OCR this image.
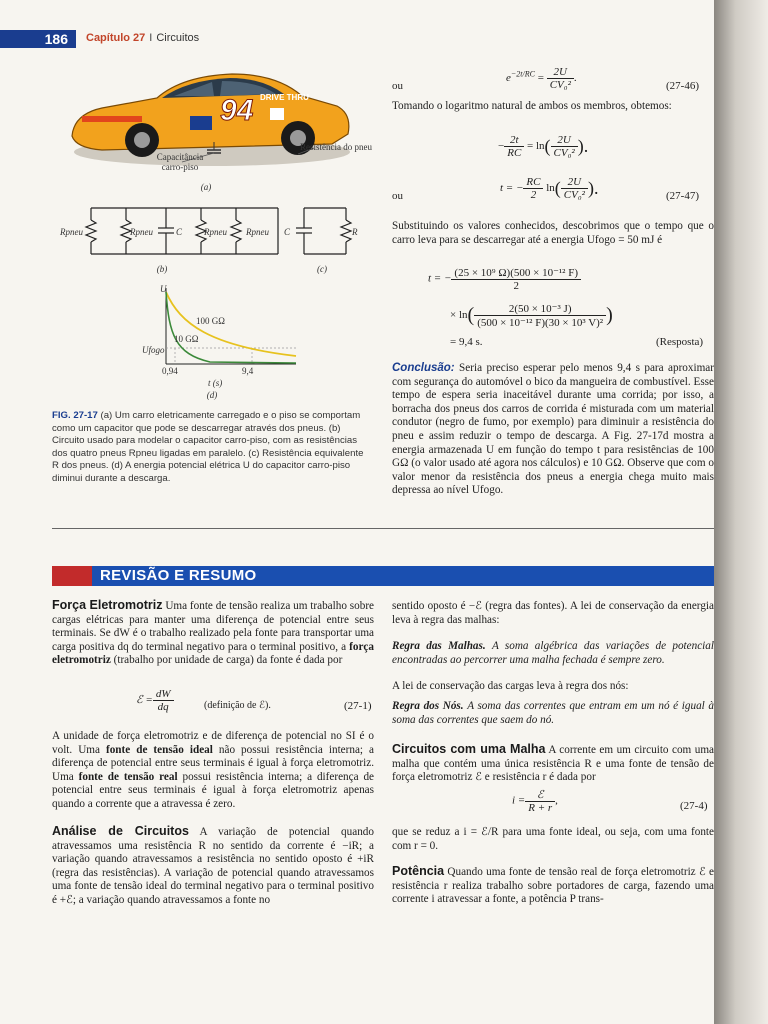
186	Capítulo 27 I Circuitos
94 DRIVE THRU
Capacitância carro-piso
Resistência do pneu
(a)
Rpneu	Rpneu	C Rpneu Rpneu C	R
(b)	(c)
U
100 GΩ
10 GΩ
Ufogo
0,94	9,4
t (s)
(d)
FIG. 27-17 (a) Um carro eletricamente carregado e o piso se comportam como um capacitor que pode se descarregar através dos pneus. (b) Circuito usado para modelar o capacitor carro-piso, com as resistências dos quatro pneus Rpneu ligadas em paralelo. (c) Resistência equivalente R dos pneus. (d) A energia potencial elétrica U do capacitor carro-piso diminui durante a descarga.
ou
$e^{-2t/RC} = \frac{2U}{\text{CV₀²}}$ .
(27-46)
Tomando o logaritmo natural de ambos os membros, obtemos:
− $\frac{2t}{RC} = \ln( \frac{2U}{\text{CV₀²}}$ ).
ou
t = − $\frac{RC}{2} \ln( \frac{2U}{\text{CV₀²}}$ ).	(27-47)
Substituindo os valores conhecidos, descobrimos que o tempo que o carro leva para se descarregar até a energia Ufogo = 50 mJ é
t = − $\frac{\text{(25 × 10⁹ Ω)(500 × 10⁻¹² F)}}{2}$
× $\ln( \frac{\text{2(50 × 10⁻³ J)}}{\text{(500 × 10⁻¹² F)(30 × 10³ V)²}}$ )
= 9,4 s.	(Resposta)
Conclusão: Seria preciso esperar pelo menos 9,4 s para aproximar com segurança do automóvel o bico da mangueira de combustível. Esse tempo de espera seria inaceitável durante uma corrida; por isso, a borracha dos pneus dos carros de corrida é misturada com um material condutor (negro de fumo, por exemplo) para diminuir a resistência do pneu e assim reduzir o tempo de descarga. A Fig. 27-17d mostra a energia armazenada U em função do tempo t para resistências de 100 GΩ (o valor usado até agora nos cálculos) e 10 GΩ. Observe que com o valor menor da resistência dos pneus a energia chega muito mais depressa ao nível Ufogo.
REVISÃO E RESUMO
Força Eletromotriz Uma fonte de tensão realiza um trabalho sobre cargas elétricas para manter uma diferença de potencial entre seus terminais. Se dW é o trabalho realizado pela fonte para transportar uma carga positiva dq do terminal negativo para o terminal positivo, a força eletromotriz (trabalho por unidade de carga) da fonte é dada por
ℰ = $\frac{dW}{dq}$	(definição de ℰ).	(27-1)
A unidade de força eletromotriz e de diferença de potencial no SI é o volt. Uma fonte de tensão ideal não possui resistência interna; a diferença de potencial entre seus terminais é igual à força eletromotriz. Uma fonte de tensão real possui resistência interna; a diferença de potencial entre seus terminais é igual à força eletromotriz apenas quando a corrente que a atravessa é zero.
Análise de Circuitos A variação de potencial quando atravessamos uma resistência R no sentido da corrente é −iR; a variação quando atravessamos a resistência no sentido oposto é +iR (regra das resistências). A variação de potencial quando atravessamos uma fonte de tensão ideal do terminal negativo para o terminal positivo é +ℰ; a variação quando atravessamos a fonte no
sentido oposto é −ℰ (regra das fontes). A lei de conservação da energia leva à regra das malhas:
Regra das Malhas. A soma algébrica das variações de potencial encontradas ao percorrer uma malha fechada é sempre zero.
A lei de conservação das cargas leva à regra dos nós:
Regra dos Nós. A soma das correntes que entram em um nó é igual à soma das correntes que saem do nó.
Circuitos com uma Malha A corrente em um circuito com uma malha que contém uma única resistência R e uma fonte de tensão de força eletromotriz ℰ e resistência r é dada por
$i = \frac{\text{ℰ}}{R + r}$ ,	(27-4)
que se reduz a i = ℰ/R para uma fonte ideal, ou seja, com uma fonte com r = 0.
Potência Quando uma fonte de tensão real de força eletromotriz ℰ e resistência r realiza trabalho sobre portadores de carga, fazendo uma corrente i atravessar a fonte, a potência P trans-
